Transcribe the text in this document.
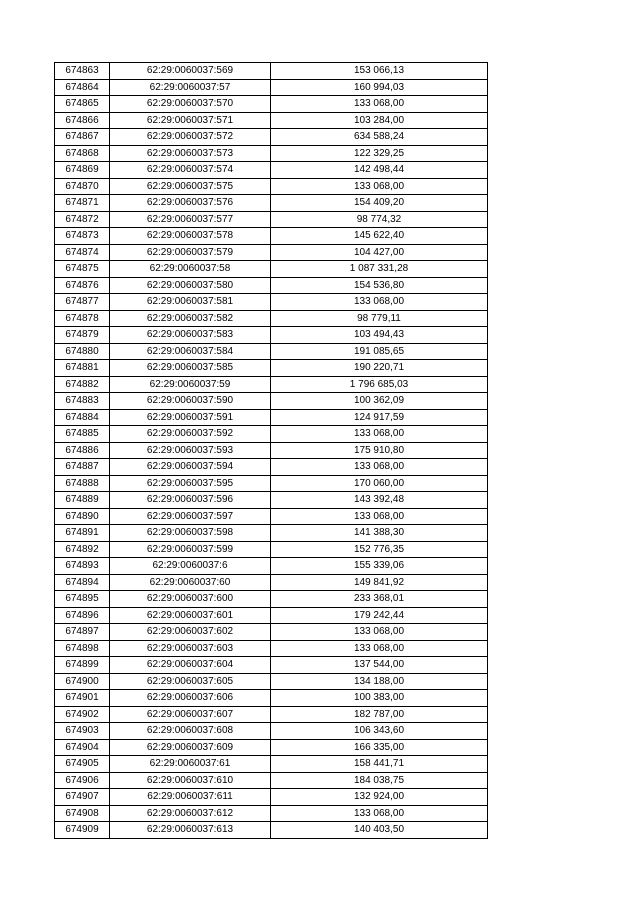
674863	62:29:0060037:569	153 066,13
674864	62:29:0060037:57	160 994,03
674865	62:29:0060037:570	133 068,00
674866	62:29:0060037:571	103 284,00
674867	62:29:0060037:572	634 588,24
674868	62:29:0060037:573	122 329,25
674869	62:29:0060037:574	142 498,44
674870	62:29:0060037:575	133 068,00
674871	62:29:0060037:576	154 409,20
674872	62:29:0060037:577	98 774,32
674873	62:29:0060037:578	145 622,40
674874	62:29:0060037:579	104 427,00
674875	62:29:0060037:58	1 087 331,28
674876	62:29:0060037:580	154 536,80
674877	62:29:0060037:581	133 068,00
674878	62:29:0060037:582	98 779,11
674879	62:29:0060037:583	103 494,43
674880	62:29:0060037:584	191 085,65
674881	62:29:0060037:585	190 220,71
674882	62:29:0060037:59	1 796 685,03
674883	62:29:0060037:590	100 362,09
674884	62:29:0060037:591	124 917,59
674885	62:29:0060037:592	133 068,00
674886	62:29:0060037:593	175 910,80
674887	62:29:0060037:594	133 068,00
674888	62:29:0060037:595	170 060,00
674889	62:29:0060037:596	143 392,48
674890	62:29:0060037:597	133 068,00
674891	62:29:0060037:598	141 388,30
674892	62:29:0060037:599	152 776,35
674893	62:29:0060037:6	155 339,06
674894	62:29:0060037:60	149 841,92
674895	62:29:0060037:600	233 368,01
674896	62:29:0060037:601	179 242,44
674897	62:29:0060037:602	133 068,00
674898	62:29:0060037:603	133 068,00
674899	62:29:0060037:604	137 544,00
674900	62:29:0060037:605	134 188,00
674901	62:29:0060037:606	100 383,00
674902	62:29:0060037:607	182 787,00
674903	62:29:0060037:608	106 343,60
674904	62:29:0060037:609	166 335,00
674905	62:29:0060037:61	158 441,71
674906	62:29:0060037:610	184 038,75
674907	62:29:0060037:611	132 924,00
674908	62:29:0060037:612	133 068,00
674909	62:29:0060037:613	140 403,50
